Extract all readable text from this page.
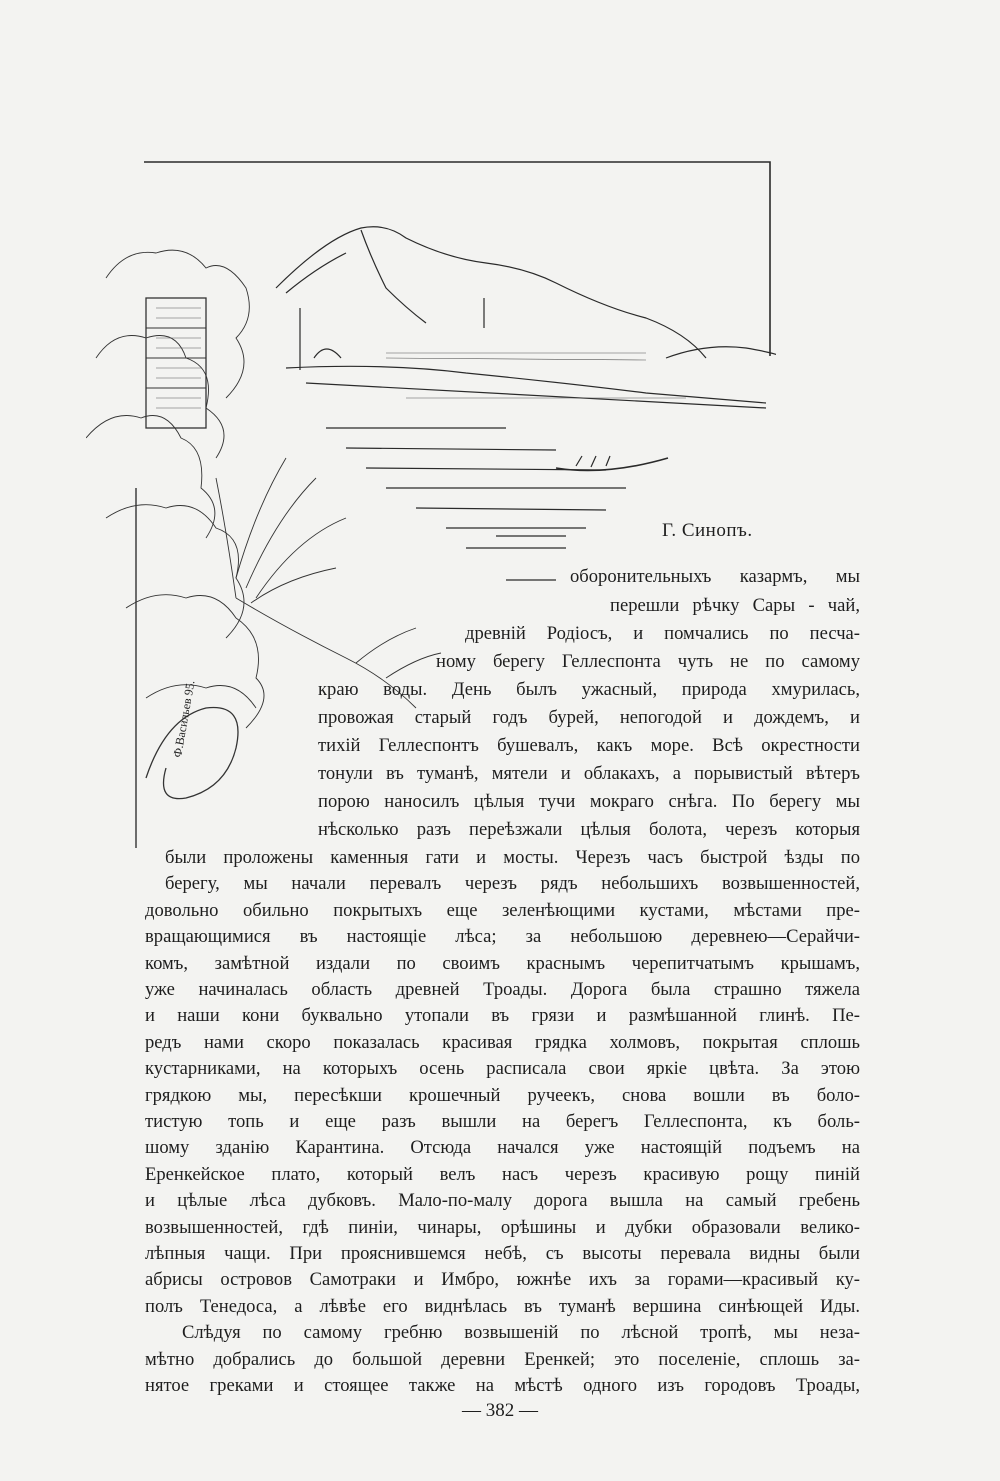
Ф.Васильев 95.
Г. Синопъ.
оборонительныхъ казармъ, мы
перешли рѣчку Сары - чай,
древній Родіосъ, и помчались по песча-
ному берегу Геллеспонта чуть не по самому
краю воды. День былъ ужасный, природа хмурилась,
провожая старый годъ бурей, непогодой и дождемъ, и
тихій Геллеспонтъ бушевалъ, какъ море. Всѣ окрестности
тонули въ туманѣ, мятели и облакахъ, а порывистый вѣтеръ
порою наносилъ цѣлыя тучи мокраго снѣга. По берегу мы
нѣсколько разъ переѣзжали цѣлыя болота, черезъ которыя
были проложены каменныя гати и мосты. Черезъ часъ быстрой ѣзды по
берегу, мы начали перевалъ черезъ рядъ небольшихъ возвышенностей,
довольно обильно покрытыхъ еще зеленѣющими кустами, мѣстами пре-
вращающимися въ настоящіе лѣса; за небольшою деревнею—Серайчи-
комъ, замѣтной издали по своимъ краснымъ черепитчатымъ крышамъ,
уже начиналась область древней Троады. Дорога была страшно тяжела
и наши кони буквально утопали въ грязи и размѣшанной глинѣ. Пе-
редъ нами скоро показалась красивая грядка холмовъ, покрытая сплошь
кустарниками, на которыхъ осень расписала свои яркіе цвѣта. За этою
грядкою мы, пересѣкши крошечный ручеекъ, снова вошли въ боло-
тистую топь и еще разъ вышли на берегъ Геллеспонта, къ боль-
шому зданію Карантина. Отсюда начался уже настоящій подъемъ на
Еренкейское плато, который велъ насъ черезъ красивую рощу пиній
и цѣлые лѣса дубковъ. Мало-по-малу дорога вышла на самый гребень
возвышенностей, гдѣ пиніи, чинары, орѣшины и дубки образовали велико-
лѣпныя чащи. При прояснившемся небѣ, съ высоты перевала видны были
абрисы островов Самотраки и Имбро, южнѣе ихъ за горами—красивый ку-
полъ Тенедоса, а лѣвѣе его виднѣлась въ туманѣ вершина синѣющей Иды.
Слѣдуя по самому гребню возвышеній по лѣсной тропѣ, мы неза-
— 382 —
мѣтно добрались до большой деревни Еренкей; это поселеніе, сплошь за-
нятое греками и стоящее также на мѣстѣ одного изъ городовъ Троады,
